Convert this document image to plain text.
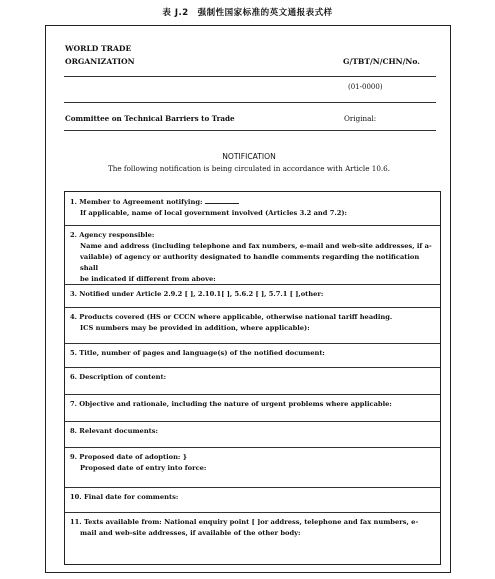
表 J.2　强制性国家标准的英文通报表式样
WORLD TRADE
ORGANIZATION	G/TBT/N/CHN/No.
(01-0000)
Committee on Technical Barriers to Trade	Original:
NOTIFICATION
The following notification is being circulated in accordance with Article 10.6.
1. Member to Agreement notifying:
If applicable, name of local government involved (Articles 3.2 and 7.2):
2. Agency responsible:
Name and address (including telephone and fax numbers, e-mail and web-site addresses, if a-
vailable) of agency or authority designated to handle comments regarding the notification shall
be indicated if different from above:
3. Notified under Article 2.9.2 [ ], 2.10.1[ ], 5.6.2 [ ], 5.7.1 [ ],other:
4. Products covered (HS or CCCN where applicable, otherwise national tariff heading.
ICS numbers may be provided in addition, where applicable):
5. Title, number of pages and language(s) of the notified document:
6. Description of content:
7. Objective and rationale, including the nature of urgent problems where applicable:
8. Relevant documents:
9. Proposed date of adoption: }
Proposed date of entry into force:
10. Final date for comments:
11. Texts available from: National enquiry point [ ]or address, telephone and fax numbers, e-
mail and web-site addresses, if available of the other body:
